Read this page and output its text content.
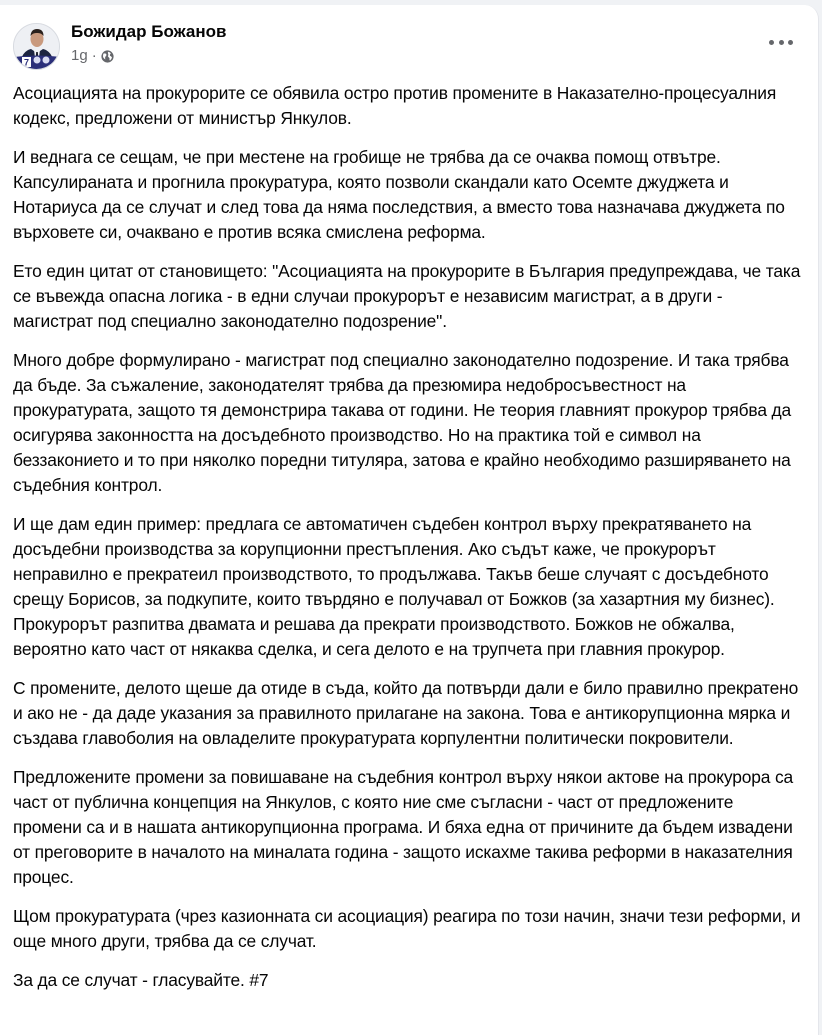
7
Божидар Божанов
1g ·

Асоциацията на прокурорите се обявила остро против промените в Наказателно-процесуалния кодекс, предложени от министър Янкулов.

И веднага се сещам, че при местене на гробище не трябва да се очаква помощ отвътре. Капсулираната и прогнила прокуратура, която позволи скандали като Осемте джуджета и Нотариуса да се случат и след това да няма последствия, а вместо това назначава джуджета по върховете си, очаквано е против всяка смислена реформа.

Ето един цитат от становището: "Асоциацията на прокурорите в България предупреждава, че така се въвежда опасна логика - в едни случаи прокурорът е независим магистрат, а в други - магистрат под специално законодателно подозрение".

Много добре формулирано - магистрат под специално законодателно подозрение. И така трябва да бъде. За съжаление, законодателят трябва да презюмира недобросъвестност на прокуратурата, защото тя демонстрира такава от години. Не теория главният прокурор трябва да осигурява законността на досъдебното производство. Но на практика той е символ на беззаконието и то при няколко поредни титуляра, затова е крайно необходимо разширяването на съдебния контрол.

И ще дам един пример: предлага се автоматичен съдебен контрол върху прекратяването на досъдебни производства за корупционни престъпления. Ако съдът каже, че прокурорът неправилно е прекратеил производството, то продължава. Такъв беше случаят с досъдебното срещу Борисов, за подкупите, които твърдяно е получавал от Божков (за хазартния му бизнес). Прокурорът разпитва двамата и решава да прекрати производството. Божков не обжалва, вероятно като част от някаква сделка, и сега делото е на трупчета при главния прокурор.

С промените, делото щеше да отиде в съда, който да потвърди дали е било правилно прекратено и ако не - да даде указания за правилното прилагане на закона. Това е антикорупционна мярка и създава главоболия на овладелите прокуратурата корпулентни политически покровители.

Предложените промени за повишаване на съдебния контрол върху някои актове на прокурора са част от публична концепция на Янкулов, с която ние сме съгласни - част от предложените промени са и в нашата антикорупционна програма. И бяха една от причините да бъдем извадени от преговорите в началото на миналата година - защото искахме такива реформи в наказателния процес.

Щом прокуратурата (чрез казионната си асоциация) реагира по този начин, значи тези реформи, и още много други, трябва да се случат.

За да се случат - гласувайте. #7
